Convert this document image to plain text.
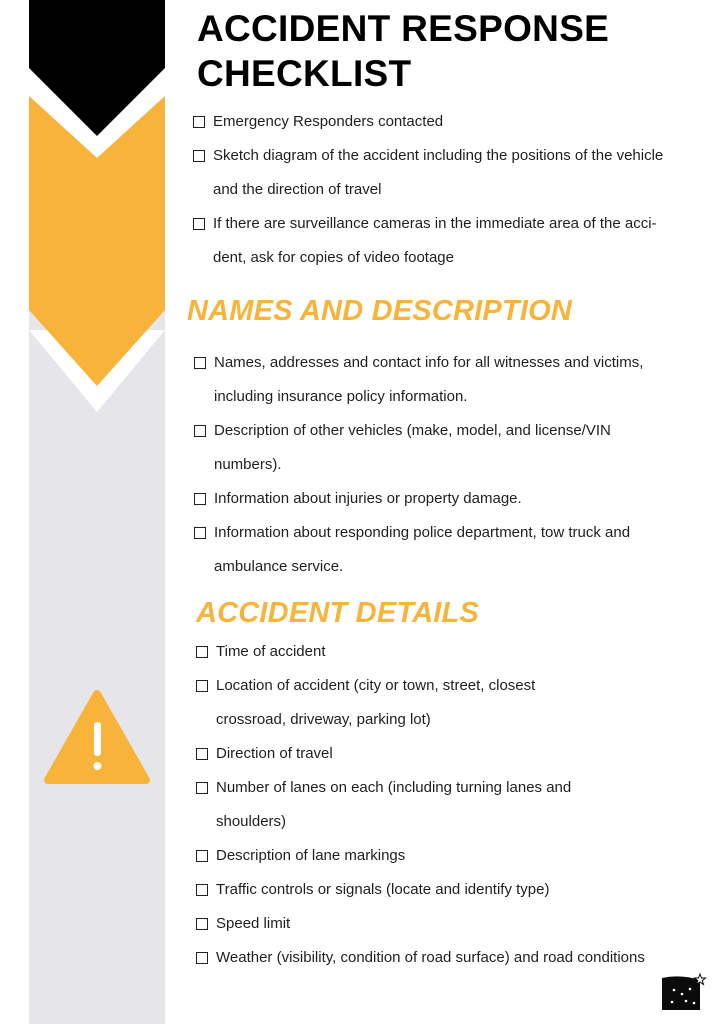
ACCIDENT RESPONSE
CHECKLIST
Emergency Responders contacted
Sketch diagram of the accident including the positions of the vehicle
and the direction of travel
If there are surveillance cameras in the immediate area of the acci-
dent, ask for copies of video footage
NAMES AND DESCRIPTION
Names, addresses and contact info for all witnesses and victims,
including insurance policy information.
Description of other vehicles (make, model, and license/VIN
numbers).
Information about injuries or property damage.
Information about responding police department, tow truck and
ambulance service.
ACCIDENT DETAILS
Time of accident
Location of accident (city or town, street, closest
crossroad, driveway, parking lot)
Direction of travel
Number of lanes on each (including turning lanes and
shoulders)
Description of lane markings
Traffic controls or signals (locate and identify type)
Speed limit
Weather (visibility, condition of road surface) and road conditions
